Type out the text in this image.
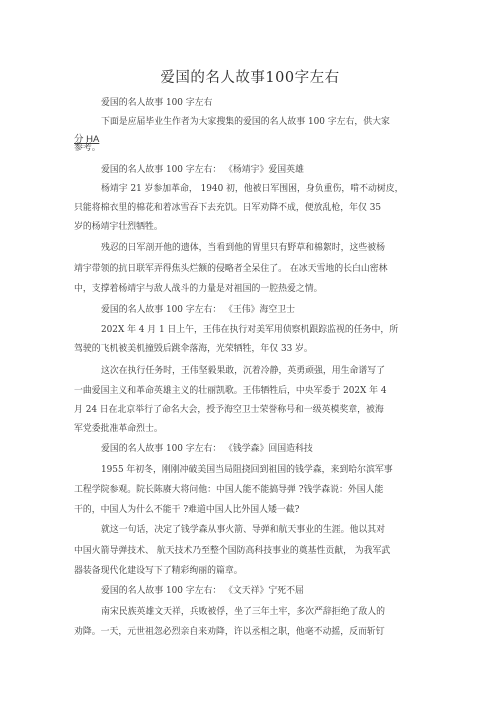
爱国的名人故事100字左右
爱国的名人故事 100 字左右
下面是应届毕业生作者为大家搜集的爱国的名人故事 100 字左右，供大家
分 HA
参考。
爱国的名人故事 100 字左右： 《杨靖宇》爱国英雄
杨靖宇 21 岁参加革命， 1940 初，他被日军围困，身负重伤，啃不动树皮，
只能将棉衣里的棉花和着冰雪吞下去充饥。日军劝降不成，便放乱枪，年仅 35
岁的杨靖宇壮烈牺牲。
残忍的日军剖开他的遗体，当看到他的胃里只有野草和棉絮时，这些被杨
靖宇带领的抗日联军弄得焦头烂额的侵略者全呆住了。 在冰天雪地的长白山密林
中，支撑着杨靖宇与敌人战斗的力量是对祖国的一腔热爱之情。
爱国的名人故事 100 字左右： 《王伟》海空卫士
202X 年 4 月 1 日上午，王伟在执行对美军用侦察机跟踪监视的任务中，所
驾驶的飞机被美机撞毁后跳伞落海，光荣牺牲，年仅 33 岁。
这次在执行任务时，王伟坚毅果敢，沉着冷静，英勇顽强，用生命谱写了
一曲爱国主义和革命英雄主义的壮丽凯歌。王伟牺牲后，中央军委于 202X 年 4
月 24 日在北京举行了命名大会，授予海空卫士荣誉称号和一级英模奖章，被海
军党委批准革命烈士。
爱国的名人故事 100 字左右： 《钱学森》回国造科技
1955 年初冬，刚刚冲破美国当局阻挠回到祖国的钱学森，来到哈尔滨军事
工程学院参观。院长陈赓大将问他：中国人能不能搞导弹 ?钱学森说：外国人能
干的，中国人为什么不能干 ?难道中国人比外国人矮一截?
就这一句话，决定了钱学森从事火箭、导弹和航天事业的生涯。他以其对
中国火箭导弹技术、 航天技术乃至整个国防高科技事业的奠基性贡献， 为我军武
器装备现代化建设写下了精彩绚丽的篇章。
爱国的名人故事 100 字左右： 《文天祥》宁死不屈
南宋民族英雄文天祥，兵败被俘，坐了三年土牢，多次严辞拒绝了敌人的
劝降。一天，元世祖忽必烈亲自来劝降，许以丞相之职，他毫不动摇，反而斩钉
